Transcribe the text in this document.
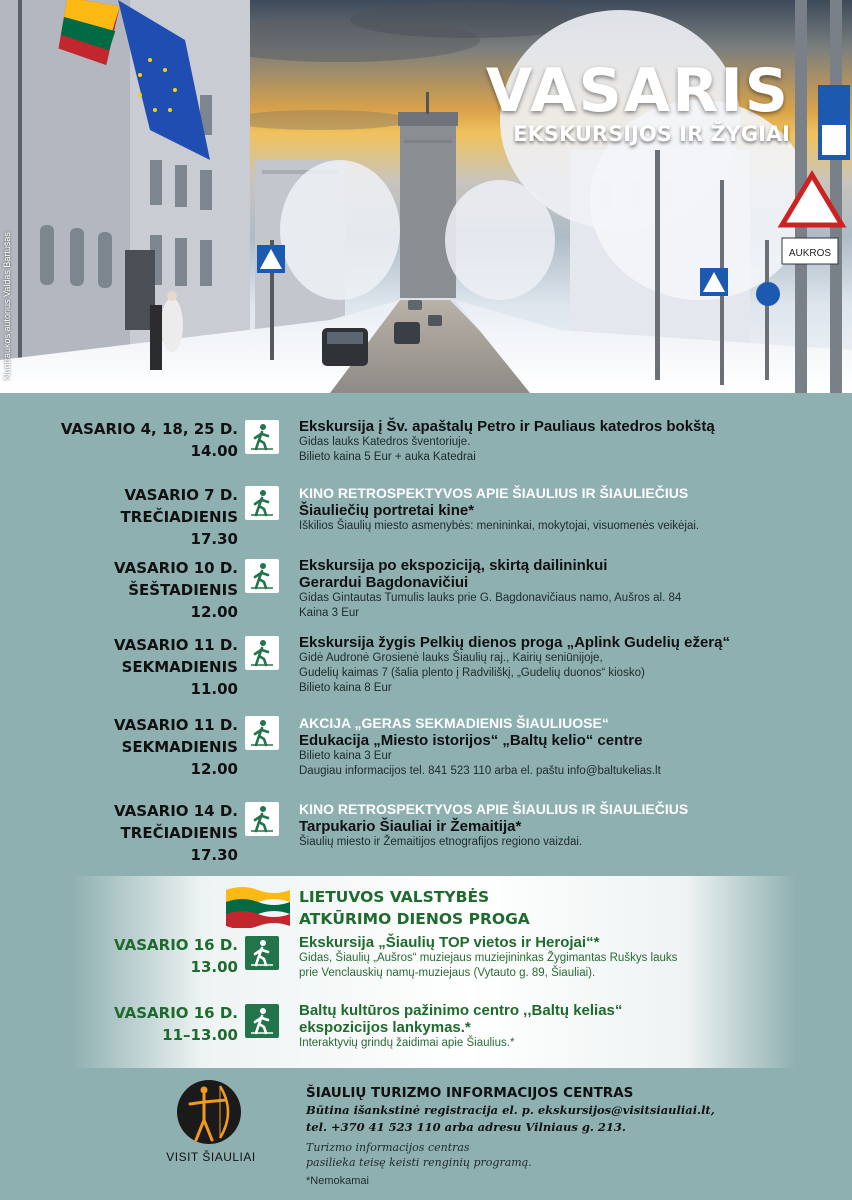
AUKROS
VASARIS
EKSKURSIJOS IR ŽYGIAI
Nuotraukos autorius Valdas Bartušas
VASARIO 4, 18, 25 D.
14.00
Ekskursija į Šv. apaštalų Petro ir Pauliaus katedros bokštą
Gidas lauks Katedros šventoriuje.
Bilieto kaina 5 Eur + auka Katedrai
VASARIO 7 D.
TREČIADIENIS
17.30
KINO RETROSPEKTYVOS APIE ŠIAULIUS IR ŠIAULIEČIUS
Šiauliečių portretai kine*
Iškilios Šiaulių miesto asmenybės: menininkai, mokytojai, visuomenės veikėjai.
VASARIO 10 D.
ŠEŠTADIENIS
12.00
Ekskursija po ekspoziciją, skirtą dailininkui
Gerardui Bagdonavičiui
Gidas Gintautas Tumulis lauks prie G. Bagdonavičiaus namo, Aušros al. 84
Kaina 3 Eur
VASARIO 11 D.
SEKMADIENIS
11.00
Ekskursija žygis Pelkių dienos proga „Aplink Gudelių ežerą“
Gidė Audronė Grosienė lauks Šiaulių raj., Kairių seniūnijoje,
Gudelių kaimas 7 (šalia plento į Radviliškį, „Gudelių duonos“ kiosko)
Bilieto kaina 8 Eur
VASARIO 11 D.
SEKMADIENIS
12.00
AKCIJA „GERAS SEKMADIENIS ŠIAULIUOSE“
Edukacija „Miesto istorijos“ „Baltų kelio“ centre
Bilieto kaina 3 Eur
Daugiau informacijos tel. 841 523 110 arba el. paštu info@baltukelias.lt
VASARIO 14 D.
TREČIADIENIS
17.30
KINO RETROSPEKTYVOS APIE ŠIAULIUS IR ŠIAULIEČIUS
Tarpukario Šiauliai ir Žemaitija*
Šiaulių miesto ir Žemaitijos etnografijos regiono vaizdai.
LIETUVOS VALSTYBĖS
ATKŪRIMO DIENOS PROGA
VASARIO 16 D.
13.00
Ekskursija „Šiaulių TOP vietos ir Herojai“*
Gidas, Šiaulių „Aušros“ muziejaus muziejininkas Žygimantas Ruškys lauks
prie Venclauskių namų-muziejaus (Vytauto g. 89, Šiauliai).
VASARIO 16 D.
11–13.00
Baltų kultūros pažinimo centro ,,Baltų kelias“
ekspozicijos lankymas.*
Interaktyvių grindų žaidimai apie Šiaulius.*
VISIT ŠIAULIAI
ŠIAULIŲ TURIZMO INFORMACIJOS CENTRAS
Būtina išankstinė registracija el. p. ekskursijos@visitsiauliai.lt,
tel. +370 41 523 110 arba adresu Vilniaus g. 213.
Turizmo informacijos centras
pasilieka teisę keisti renginių programą.
*Nemokamai
